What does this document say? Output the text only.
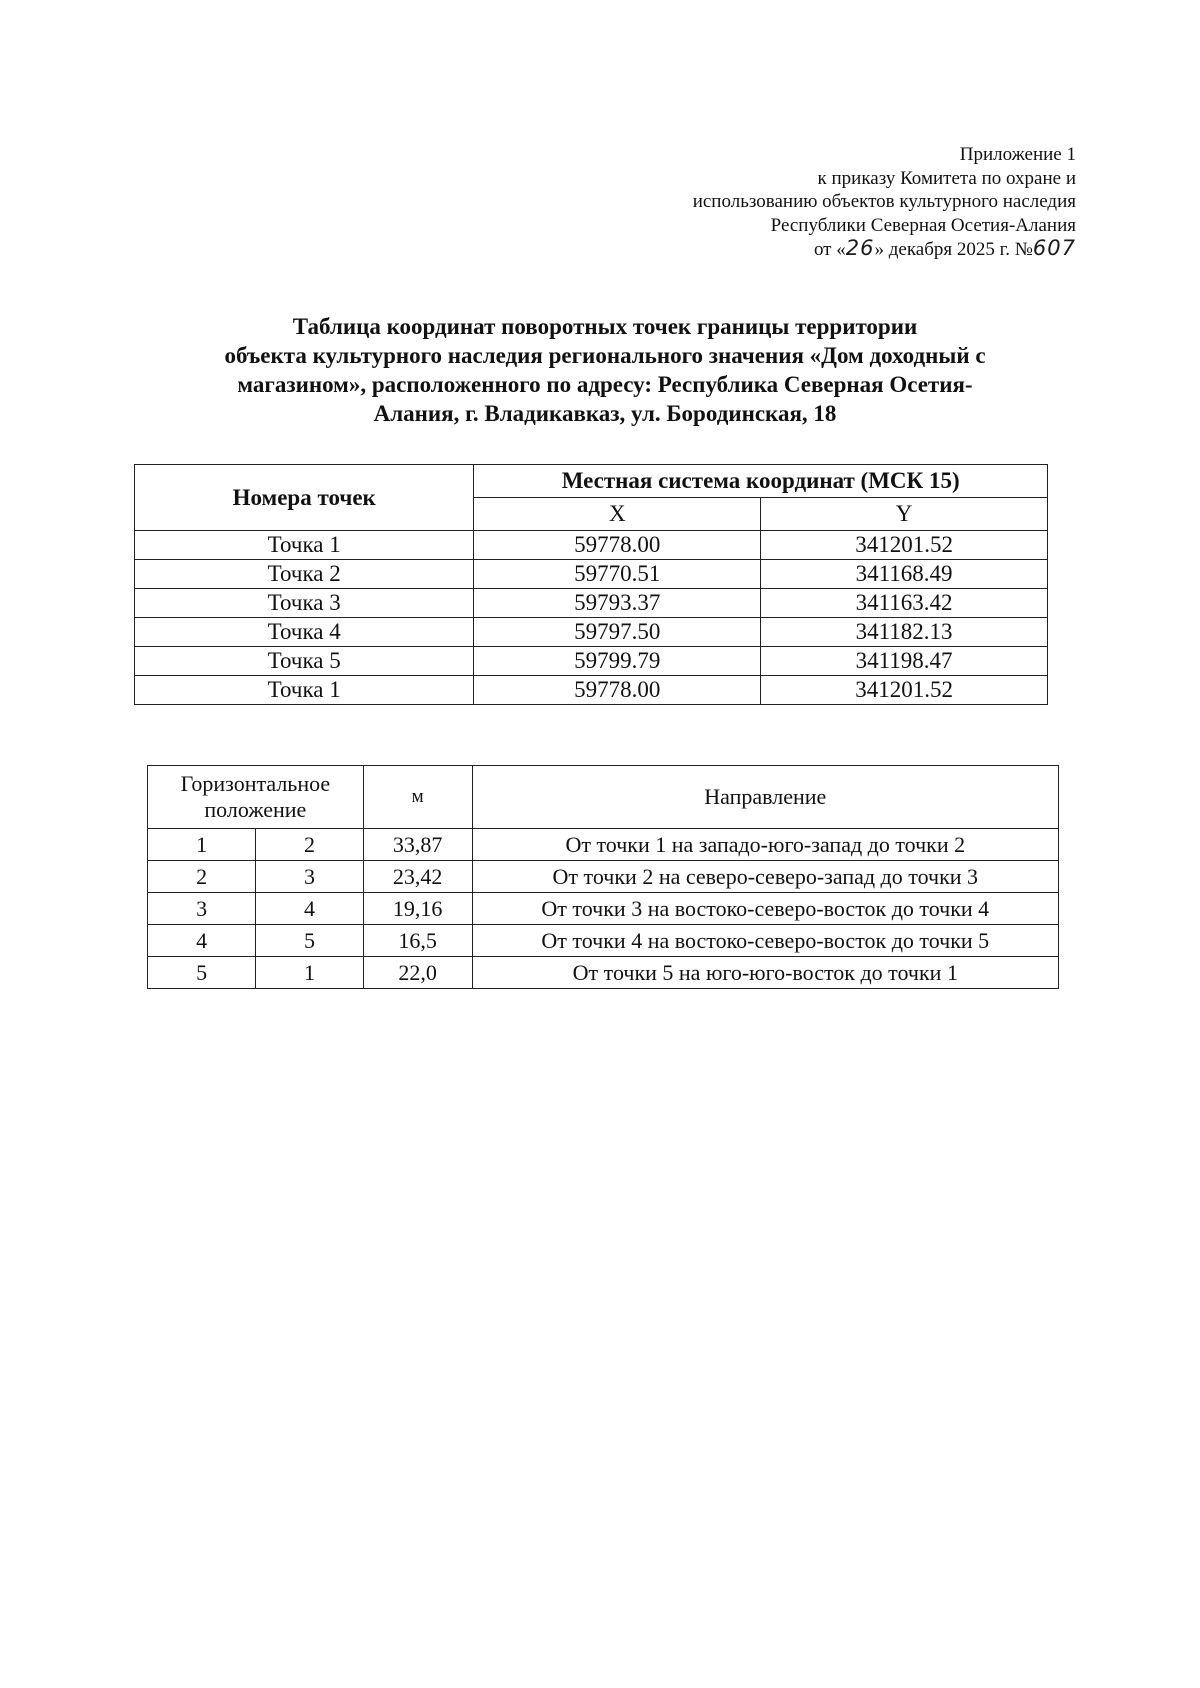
Приложение 1
к приказу Комитета по охране и
использованию объектов культурного наследия
Республики Северная Осетия-Алания
от «26» декабря 2025 г. №607
Таблица координат поворотных точек границы территории
объекта культурного наследия регионального значения «Дом доходный с
магазином», расположенного по адресу: Республика Северная Осетия-
Алания, г. Владикавказ, ул. Бородинская, 18
Номера точек	Местная система координат (МСК 15)	
	X	Y
Точка 1	59778.00	341201.52
Точка 2	59770.51	341168.49
Точка 3	59793.37	341163.42
Точка 4	59797.50	341182.13
Точка 5	59799.79	341198.47
Точка 1	59778.00	341201.52
Горизонтальное положение		м	Направление
1	2	33,87	От точки 1 на западо-юго-запад до точки 2
2	3	23,42	От точки 2 на северо-северо-запад до точки 3
3	4	19,16	От точки 3 на востоко-северо-восток до точки 4
4	5	16,5	От точки 4 на востоко-северо-восток до точки 5
5	1	22,0	От точки 5 на юго-юго-восток до точки 1
